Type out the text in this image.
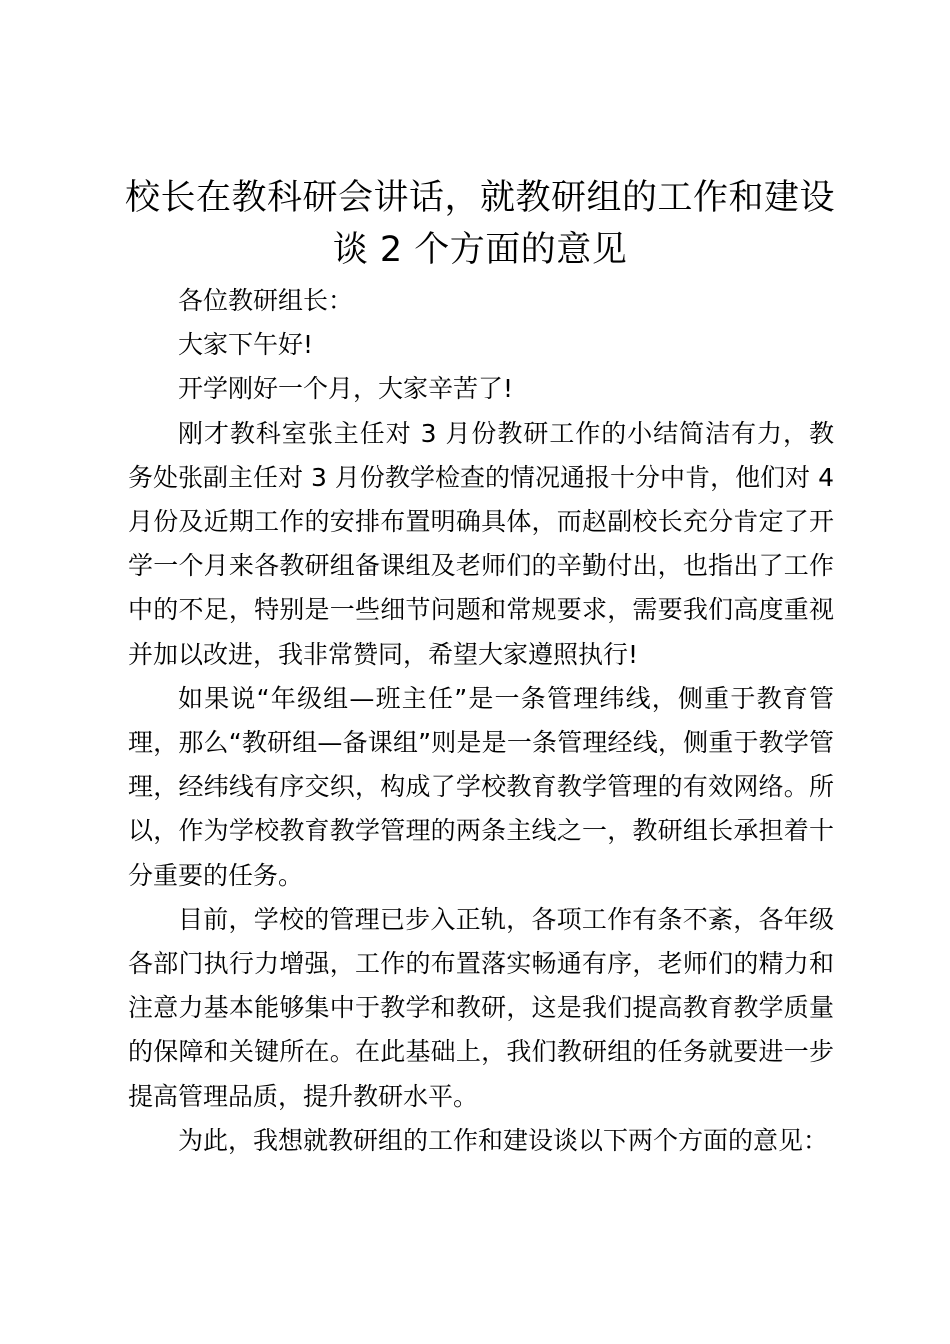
校长在教科研会讲话，就教研组的工作和建设
谈 2 个方面的意见

各位教研组长：

大家下午好!

开学刚好一个月，大家辛苦了!

刚才教科室张主任对 3 月份教研工作的小结简洁有力，教务处张副主任对 3 月份教学检查的情况通报十分中肯，他们对 4 月份及近期工作的安排布置明确具体，而赵副校长充分肯定了开学一个月来各教研组备课组及老师们的辛勤付出，也指出了工作中的不足，特别是一些细节问题和常规要求，需要我们高度重视并加以改进，我非常赞同，希望大家遵照执行!

如果说“年级组—班主任”是一条管理纬线，侧重于教育管理，那么“教研组—备课组”则是是一条管理经线，侧重于教学管理，经纬线有序交织，构成了学校教育教学管理的有效网络。所以，作为学校教育教学管理的两条主线之一，教研组长承担着十分重要的任务。

目前，学校的管理已步入正轨，各项工作有条不紊，各年级各部门执行力增强，工作的布置落实畅通有序，老师们的精力和注意力基本能够集中于教学和教研，这是我们提高教育教学质量的保障和关键所在。在此基础上，我们教研组的任务就要进一步提高管理品质，提升教研水平。

为此，我想就教研组的工作和建设谈以下两个方面的意见：
